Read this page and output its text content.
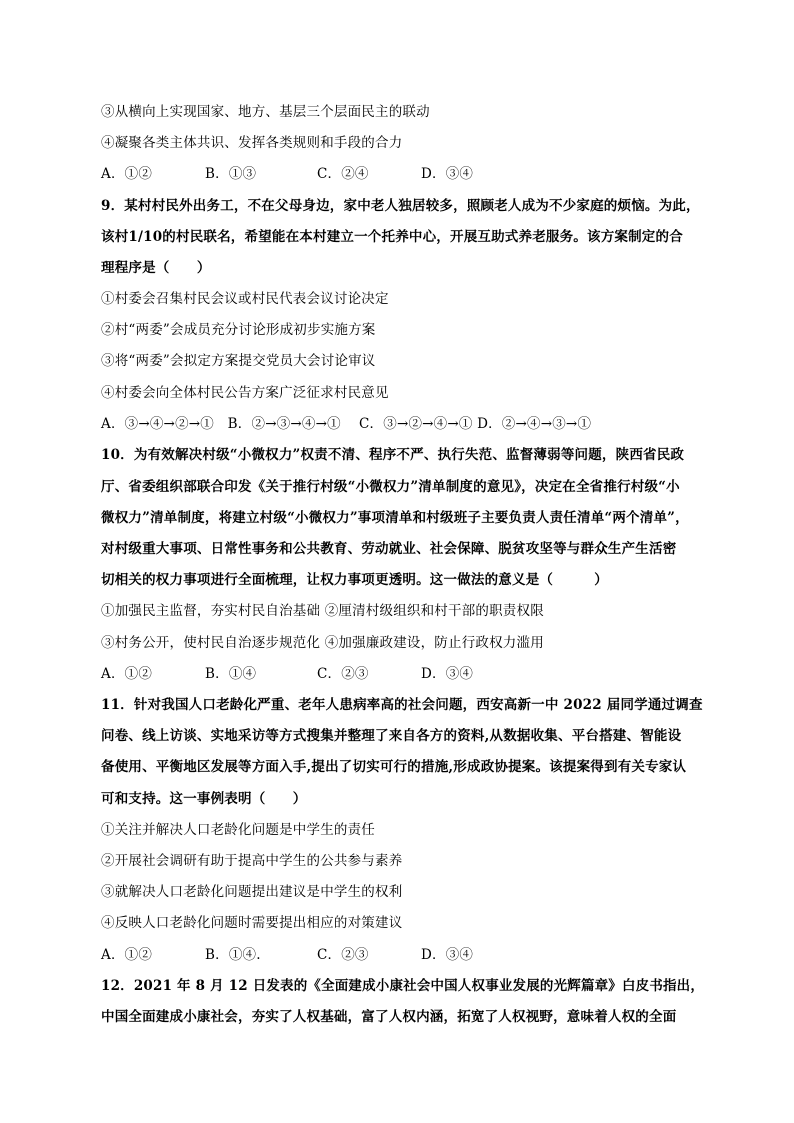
③从横向上实现国家、地方、基层三个层面民主的联动
④凝聚各类主体共识、发挥各类规则和手段的合力
A．①②	B．①③	C．②④	D．③④
9．某村村民外出务工，不在父母身边，家中老人独居较多，照顾老人成为不少家庭的烦恼。为此，
该村1/10的村民联名，希望能在本村建立一个托养中心，开展互助式养老服务。该方案制定的合
理程序是（　　）
①村委会召集村民会议或村民代表会议讨论决定
②村“两委”会成员充分讨论形成初步实施方案
③将“两委”会拟定方案提交党员大会讨论审议
④村委会向全体村民公告方案广泛征求村民意见
A．③→④→②→①　B．②→③→④→①　 C．③→②→④→① D．②→④→③→①
10．为有效解决村级“小微权力”权责不清、程序不严、执行失范、监督薄弱等问题，陕西省民政
厅、省委组织部联合印发《关于推行村级“小微权力”清单制度的意见》，决定在全省推行村级“小
微权力”清单制度，将建立村级“小微权力”事项清单和村级班子主要负责人责任清单“两个清单”，
对村级重大事项、日常性事务和公共教育、劳动就业、社会保障、脱贫攻坚等与群众生产生活密
切相关的权力事项进行全面梳理，让权力事项更透明。这一做法的意义是（　　　）
①加强民主监督，夯实村民自治基础 ②厘清村级组织和村干部的职责权限
③村务公开，使村民自治逐步规范化 ④加强廉政建设，防止行政权力滥用
A．①②	B．①④	C．②③	D．③④
11．针对我国人口老龄化严重、老年人患病率高的社会问题，西安高新一中 2022 届同学通过调查
问卷、线上访谈、实地采访等方式搜集并整理了来自各方的资料,从数据收集、平台搭建、智能设
备使用、平衡地区发展等方面入手,提出了切实可行的措施,形成政协提案。该提案得到有关专家认
可和支持。这一事例表明（　　）
①关注并解决人口老龄化问题是中学生的责任
②开展社会调研有助于提高中学生的公共参与素养
③就解决人口老龄化问题提出建议是中学生的权利
④反映人口老龄化问题时需要提出相应的对策建议
A．①②	B．①④.	C．②③	D．③④
12．2021 年 8 月 12 日发表的《全面建成小康社会中国人权事业发展的光辉篇章》白皮书指出，
中国全面建成小康社会，夯实了人权基础，富了人权内涵，拓宽了人权视野，意味着人权的全面
